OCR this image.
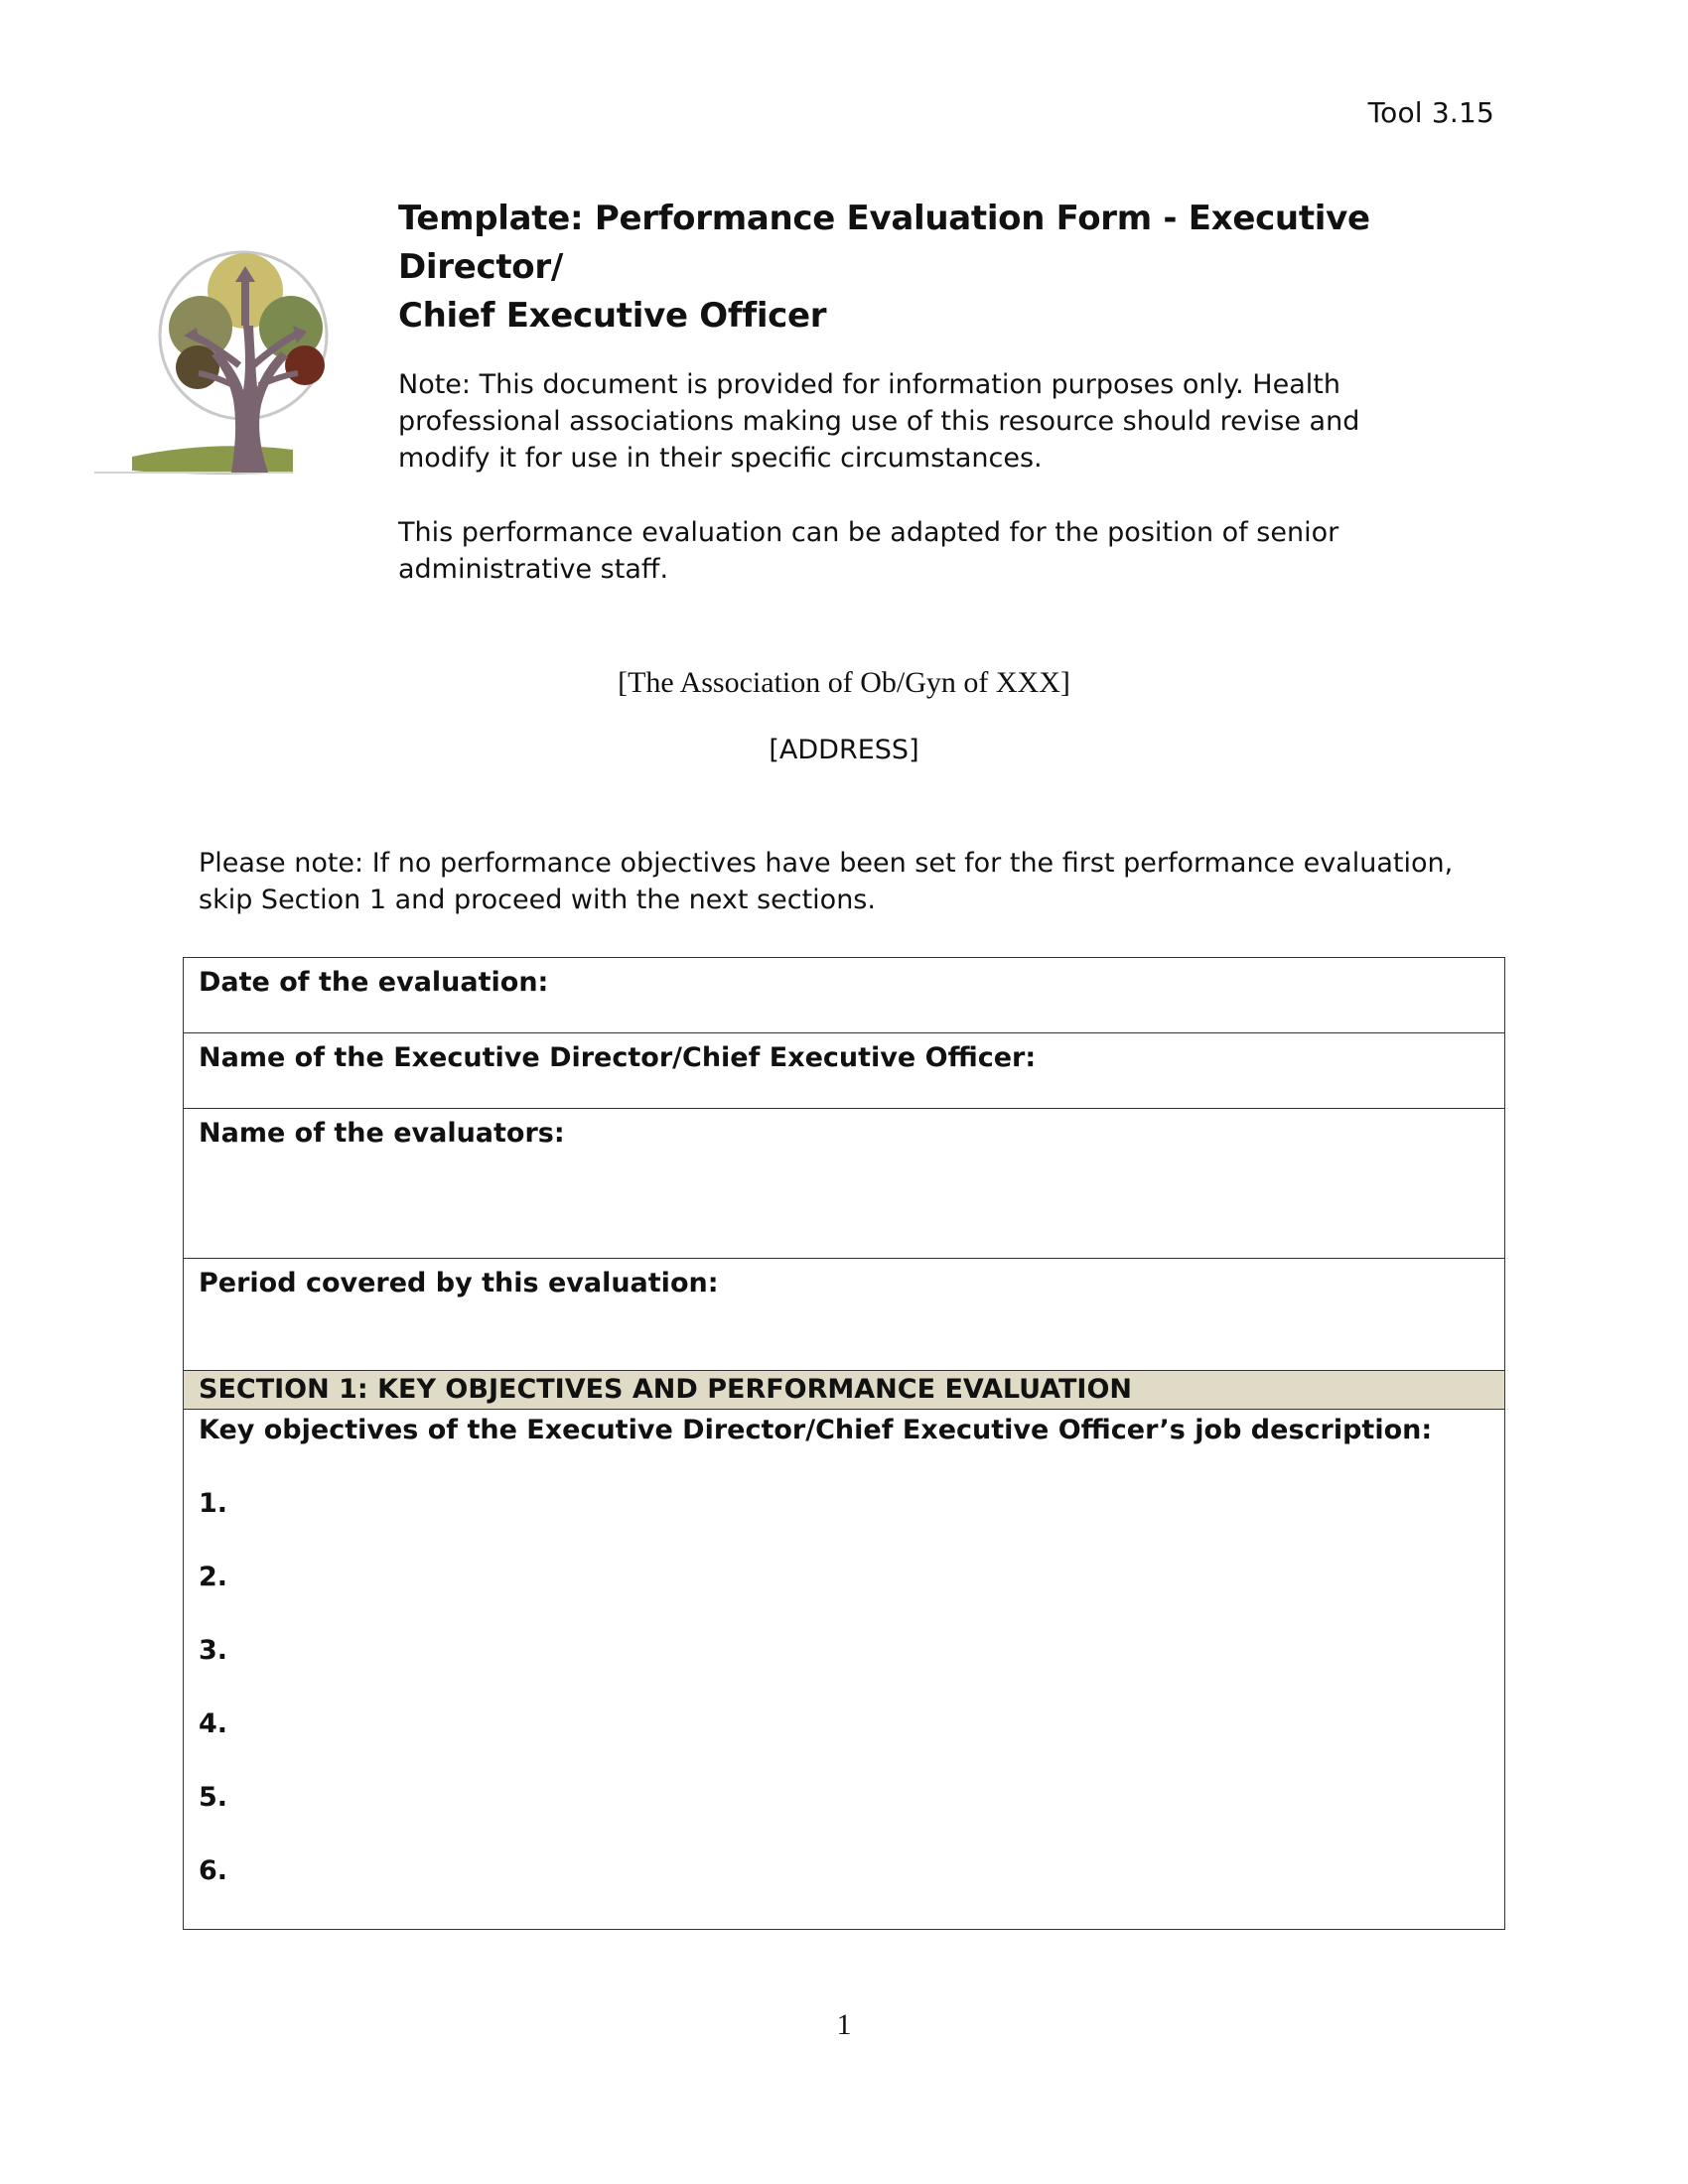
Tool 3.15
Template: Performance Evaluation Form - Executive Director/
Chief Executive Officer
Note: This document is provided for information purposes only. Health professional associations making use of this resource should revise and modify it for use in their specific circumstances.
This performance evaluation can be adapted for the position of senior administrative staff.
[The Association of Ob/Gyn of XXX]
[ADDRESS]
Please note: If no performance objectives have been set for the first performance evaluation, skip Section 1 and proceed with the next sections.
Date of the evaluation:
Name of the Executive Director/Chief Executive Officer:
Name of the evaluators:
Period covered by this evaluation:
SECTION 1: KEY OBJECTIVES AND PERFORMANCE EVALUATION
Key objectives of the Executive Director/Chief Executive Officer’s job description:
1.
2.
3.
4.
5.
6.
1
